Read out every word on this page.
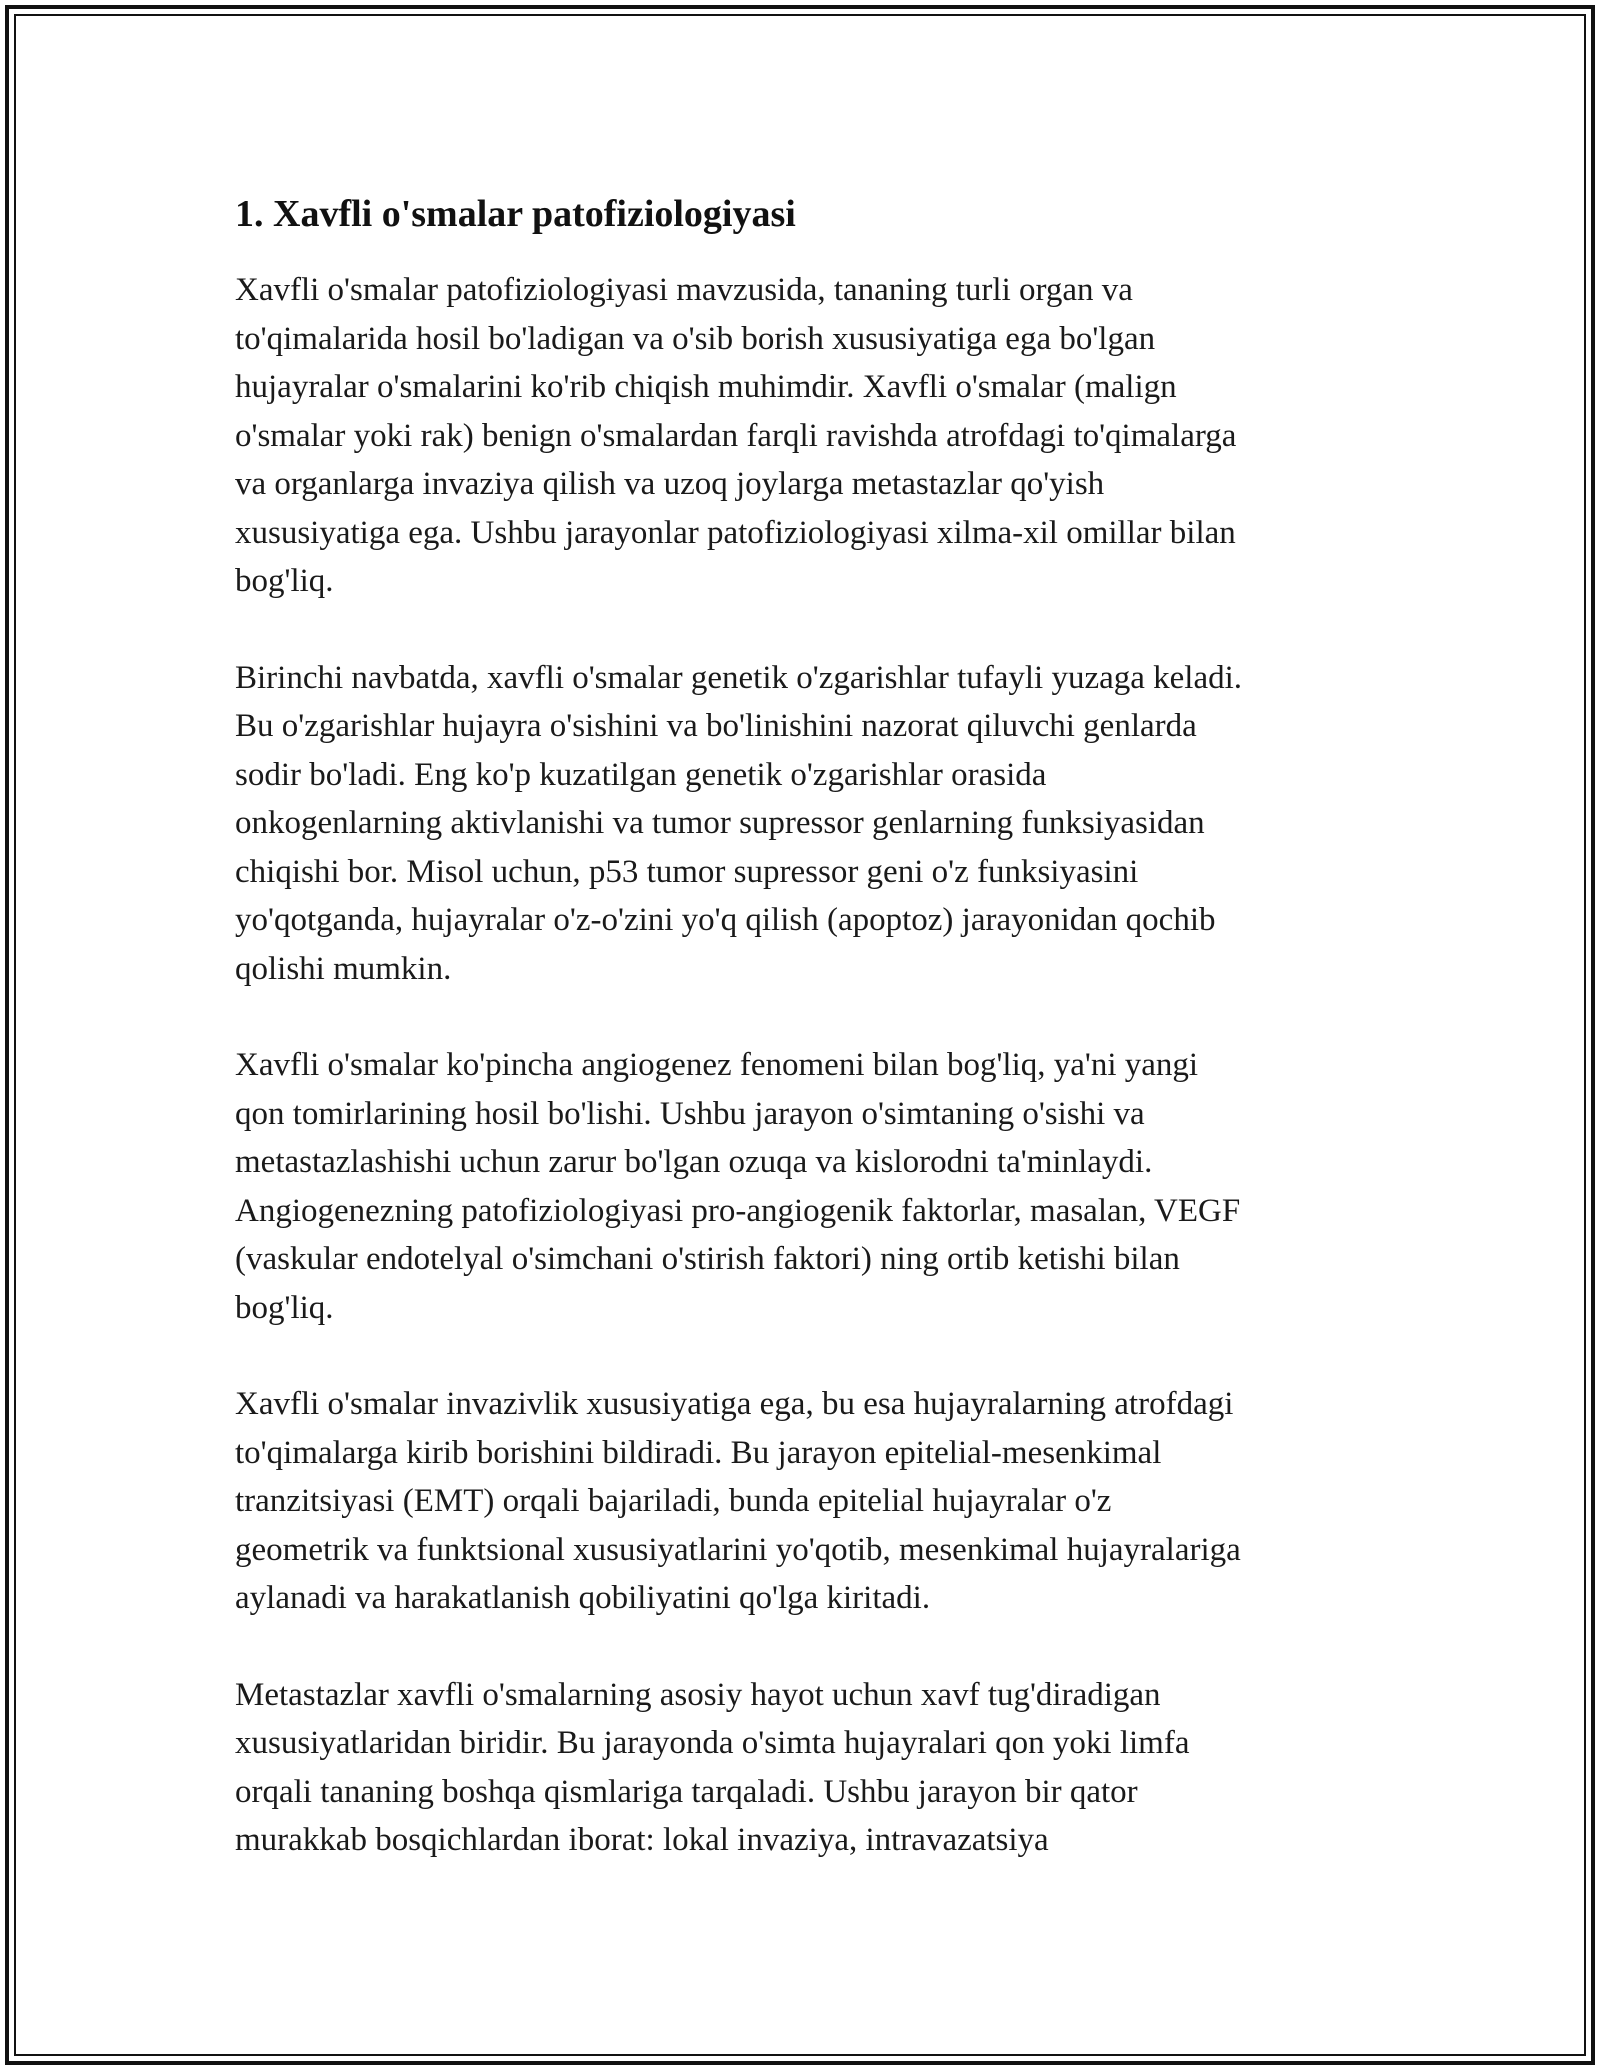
1. Xavfli o'smalar patofiziologiyasi

Xavfli o'smalar patofiziologiyasi mavzusida, tananing turli organ va
to'qimalarida hosil bo'ladigan va o'sib borish xususiyatiga ega bo'lgan
hujayralar o'smalarini ko'rib chiqish muhimdir. Xavfli o'smalar (malign
o'smalar yoki rak) benign o'smalardan farqli ravishda atrofdagi to'qimalarga
va organlarga invaziya qilish va uzoq joylarga metastazlar qo'yish
xususiyatiga ega. Ushbu jarayonlar patofiziologiyasi xilma-xil omillar bilan
bog'liq.

Birinchi navbatda, xavfli o'smalar genetik o'zgarishlar tufayli yuzaga keladi.
Bu o'zgarishlar hujayra o'sishini va bo'linishini nazorat qiluvchi genlarda
sodir bo'ladi. Eng ko'p kuzatilgan genetik o'zgarishlar orasida
onkogenlarning aktivlanishi va tumor supressor genlarning funksiyasidan
chiqishi bor. Misol uchun, p53 tumor supressor geni o'z funksiyasini
yo'qotganda, hujayralar o'z-o'zini yo'q qilish (apoptoz) jarayonidan qochib
qolishi mumkin.

Xavfli o'smalar ko'pincha angiogenez fenomeni bilan bog'liq, ya'ni yangi
qon tomirlarining hosil bo'lishi. Ushbu jarayon o'simtaning o'sishi va
metastazlashishi uchun zarur bo'lgan ozuqa va kislorodni ta'minlaydi.
Angiogenezning patofiziologiyasi pro-angiogenik faktorlar, masalan, VEGF
(vaskular endotelyal o'simchani o'stirish faktori) ning ortib ketishi bilan
bog'liq.

Xavfli o'smalar invazivlik xususiyatiga ega, bu esa hujayralarning atrofdagi
to'qimalarga kirib borishini bildiradi. Bu jarayon epitelial-mesenkimal
tranzitsiyasi (EMT) orqali bajariladi, bunda epitelial hujayralar o'z
geometrik va funktsional xususiyatlarini yo'qotib, mesenkimal hujayralariga
aylanadi va harakatlanish qobiliyatini qo'lga kiritadi.

Metastazlar xavfli o'smalarning asosiy hayot uchun xavf tug'diradigan
xususiyatlaridan biridir. Bu jarayonda o'simta hujayralari qon yoki limfa
orqali tananing boshqa qismlariga tarqaladi. Ushbu jarayon bir qator
murakkab bosqichlardan iborat: lokal invaziya, intravazatsiya
